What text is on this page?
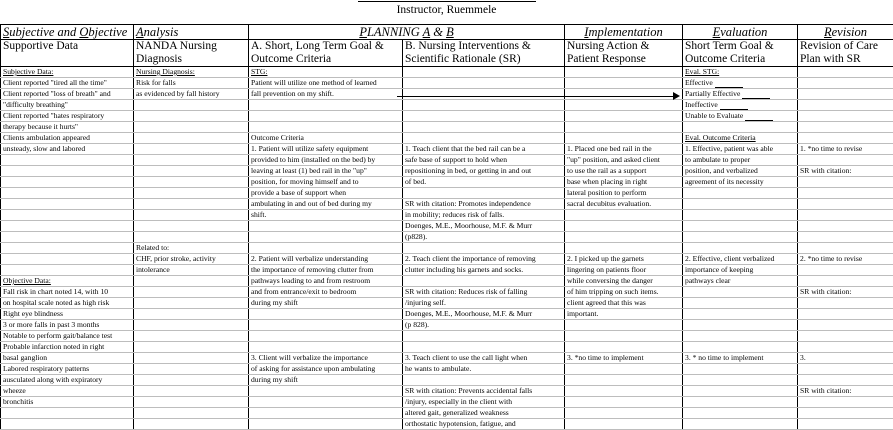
Instructor, Ruemmele
Subjective and Objective	Analysis	PLANNING A & B		Implementation	Evaluation	Revision
Supportive Data	NANDA Nursing Diagnosis	A. Short, Long Term Goal & Outcome Criteria	B. Nursing Interventions & Scientific Rationale (SR)	Nursing Action & Patient Response	Short Term Goal & Outcome Criteria	Revision of Care Plan with SR
Subjective Data:	Nursing Diagnosis:	STG:			Eval. STG:	
Client reported "tired all the time"	Risk for falls	Patient will utilize one method of learned			Effective	
Client reported "loss of breath" and	as evidenced by fall history	fall prevention on my shift.			Partially Effective	
"difficulty breathing"					Ineffective	
Client reported "hates respiratory					Unable to Evaluate	
therapy because it hurts"						
Clients ambulation appeared		Outcome Criteria			Eval. Outcome Criteria	
unsteady, slow and labored		1. Patient will utilize safety equipment	1. Teach client that the bed rail can be a	1. Placed one bed rail in the	1. Effective, patient was able	1. *no time to revise
		provided to him (installed on the bed) by	safe base of support to hold when	"up" position, and asked client	to ambulate to proper	
		leaving at least (1) bed rail in the "up"	repositioning in bed, or getting in and out	to use the rail as a support	position, and verbalized	SR with citation:
		position, for moving himself and to	of bed.	base when placing in right	agreement of its necessity	
		provide a base of support when		lateral position to perform		
		ambulating in and out of bed during my	SR with citation: Promotes independence	sacral decubitus evaluation.		
		shift.	in mobility; reduces risk of falls.			
			Doenges, M.E., Moorhouse, M.F. & Murr			
			(p828).			
	Related to:					
	CHF, prior stroke, activity	2. Patient will verbalize understanding	2. Teach client the importance of removing	2. I picked up the garnets	2. Effective, client verbalized	2. *no time to revise
	intolerance	the importance of removing clutter from	clutter including his garnets and socks.	lingering on patients floor	importance of keeping	
Objective Data:		pathways leading to and from restroom		while conversing the danger	pathways clear	
Fall risk in chart noted 14, with 10		and from entrance/exit to bedroom	SR with citation: Reduces risk of falling	of him tripping on such items.		SR with citation:
on hospital scale noted as high risk		during my shift	/injuring self.	client agreed that this was		
Right eye blindness			Doenges, M.E., Moorhouse, M.F. & Murr	important.		
3 or more falls in past 3 months			(p 828).			
Notable to perform gait/balance test						
Probable infarction noted in right						
basal ganglion		3. Client will verbalize the importance	3. Teach client to use the call light when	3. *no time to implement	3. * no time to implement	3.
Labored respiratory patterns		of asking for assistance upon ambulating	he wants to ambulate.			
ausculated along with expiratory		during my shift				
wheeze			SR with citation: Prevents accidental falls			SR with citation:
bronchitis			/injury, especially in the client with			
			altered gait, generalized weakness			
			orthostatic hypotension, fatigue, and			
